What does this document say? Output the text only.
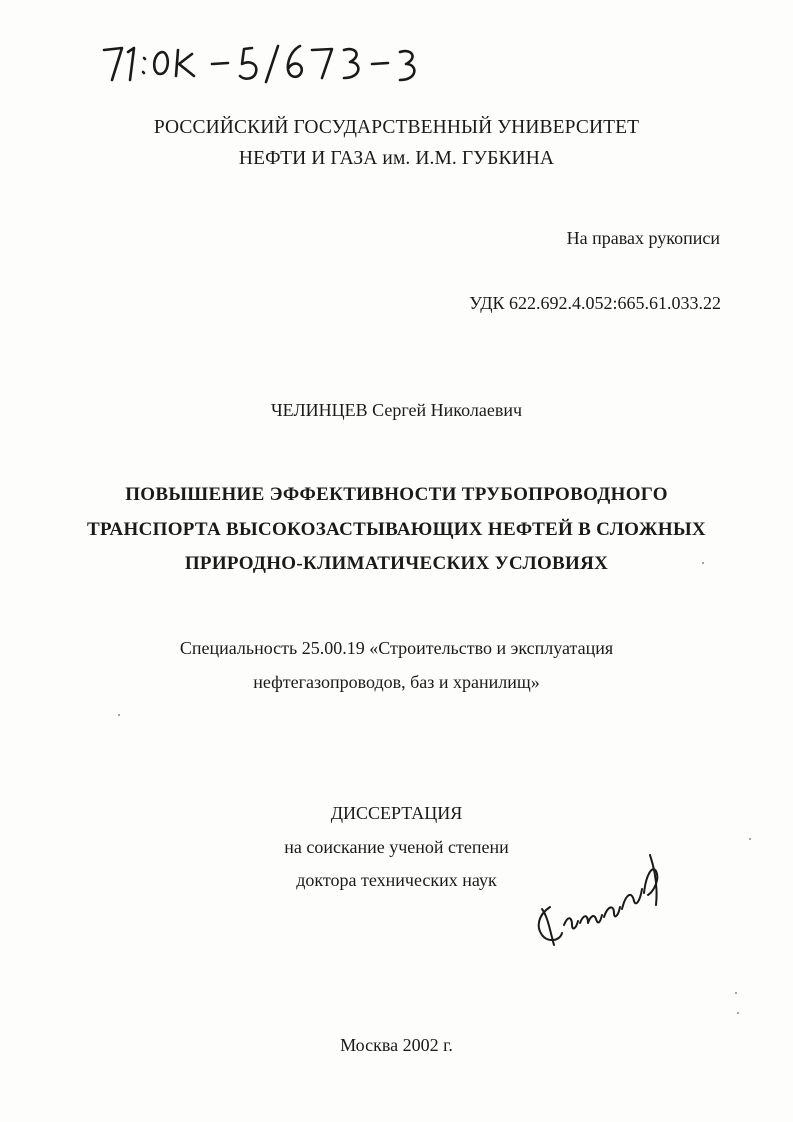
РОССИЙСКИЙ ГОСУДАРСТВЕННЫЙ УНИВЕРСИТЕТ
НЕФТИ И ГАЗА им. И.М. ГУБКИНА
На правах рукописи
УДК 622.692.4.052:665.61.033.22
ЧЕЛИНЦЕВ Сергей Николаевич
ПОВЫШЕНИЕ ЭФФЕКТИВНОСТИ ТРУБОПРОВОДНОГО
ТРАНСПОРТА ВЫСОКОЗАСТЫВАЮЩИХ НЕФТЕЙ В СЛОЖНЫХ
ПРИРОДНО-КЛИМАТИЧЕСКИХ УСЛОВИЯХ
Специальность 25.00.19 «Строительство и эксплуатация
нефтегазопроводов, баз и хранилищ»
ДИССЕРТАЦИЯ
на соискание ученой степени
доктора технических наук
Москва 2002 г.
